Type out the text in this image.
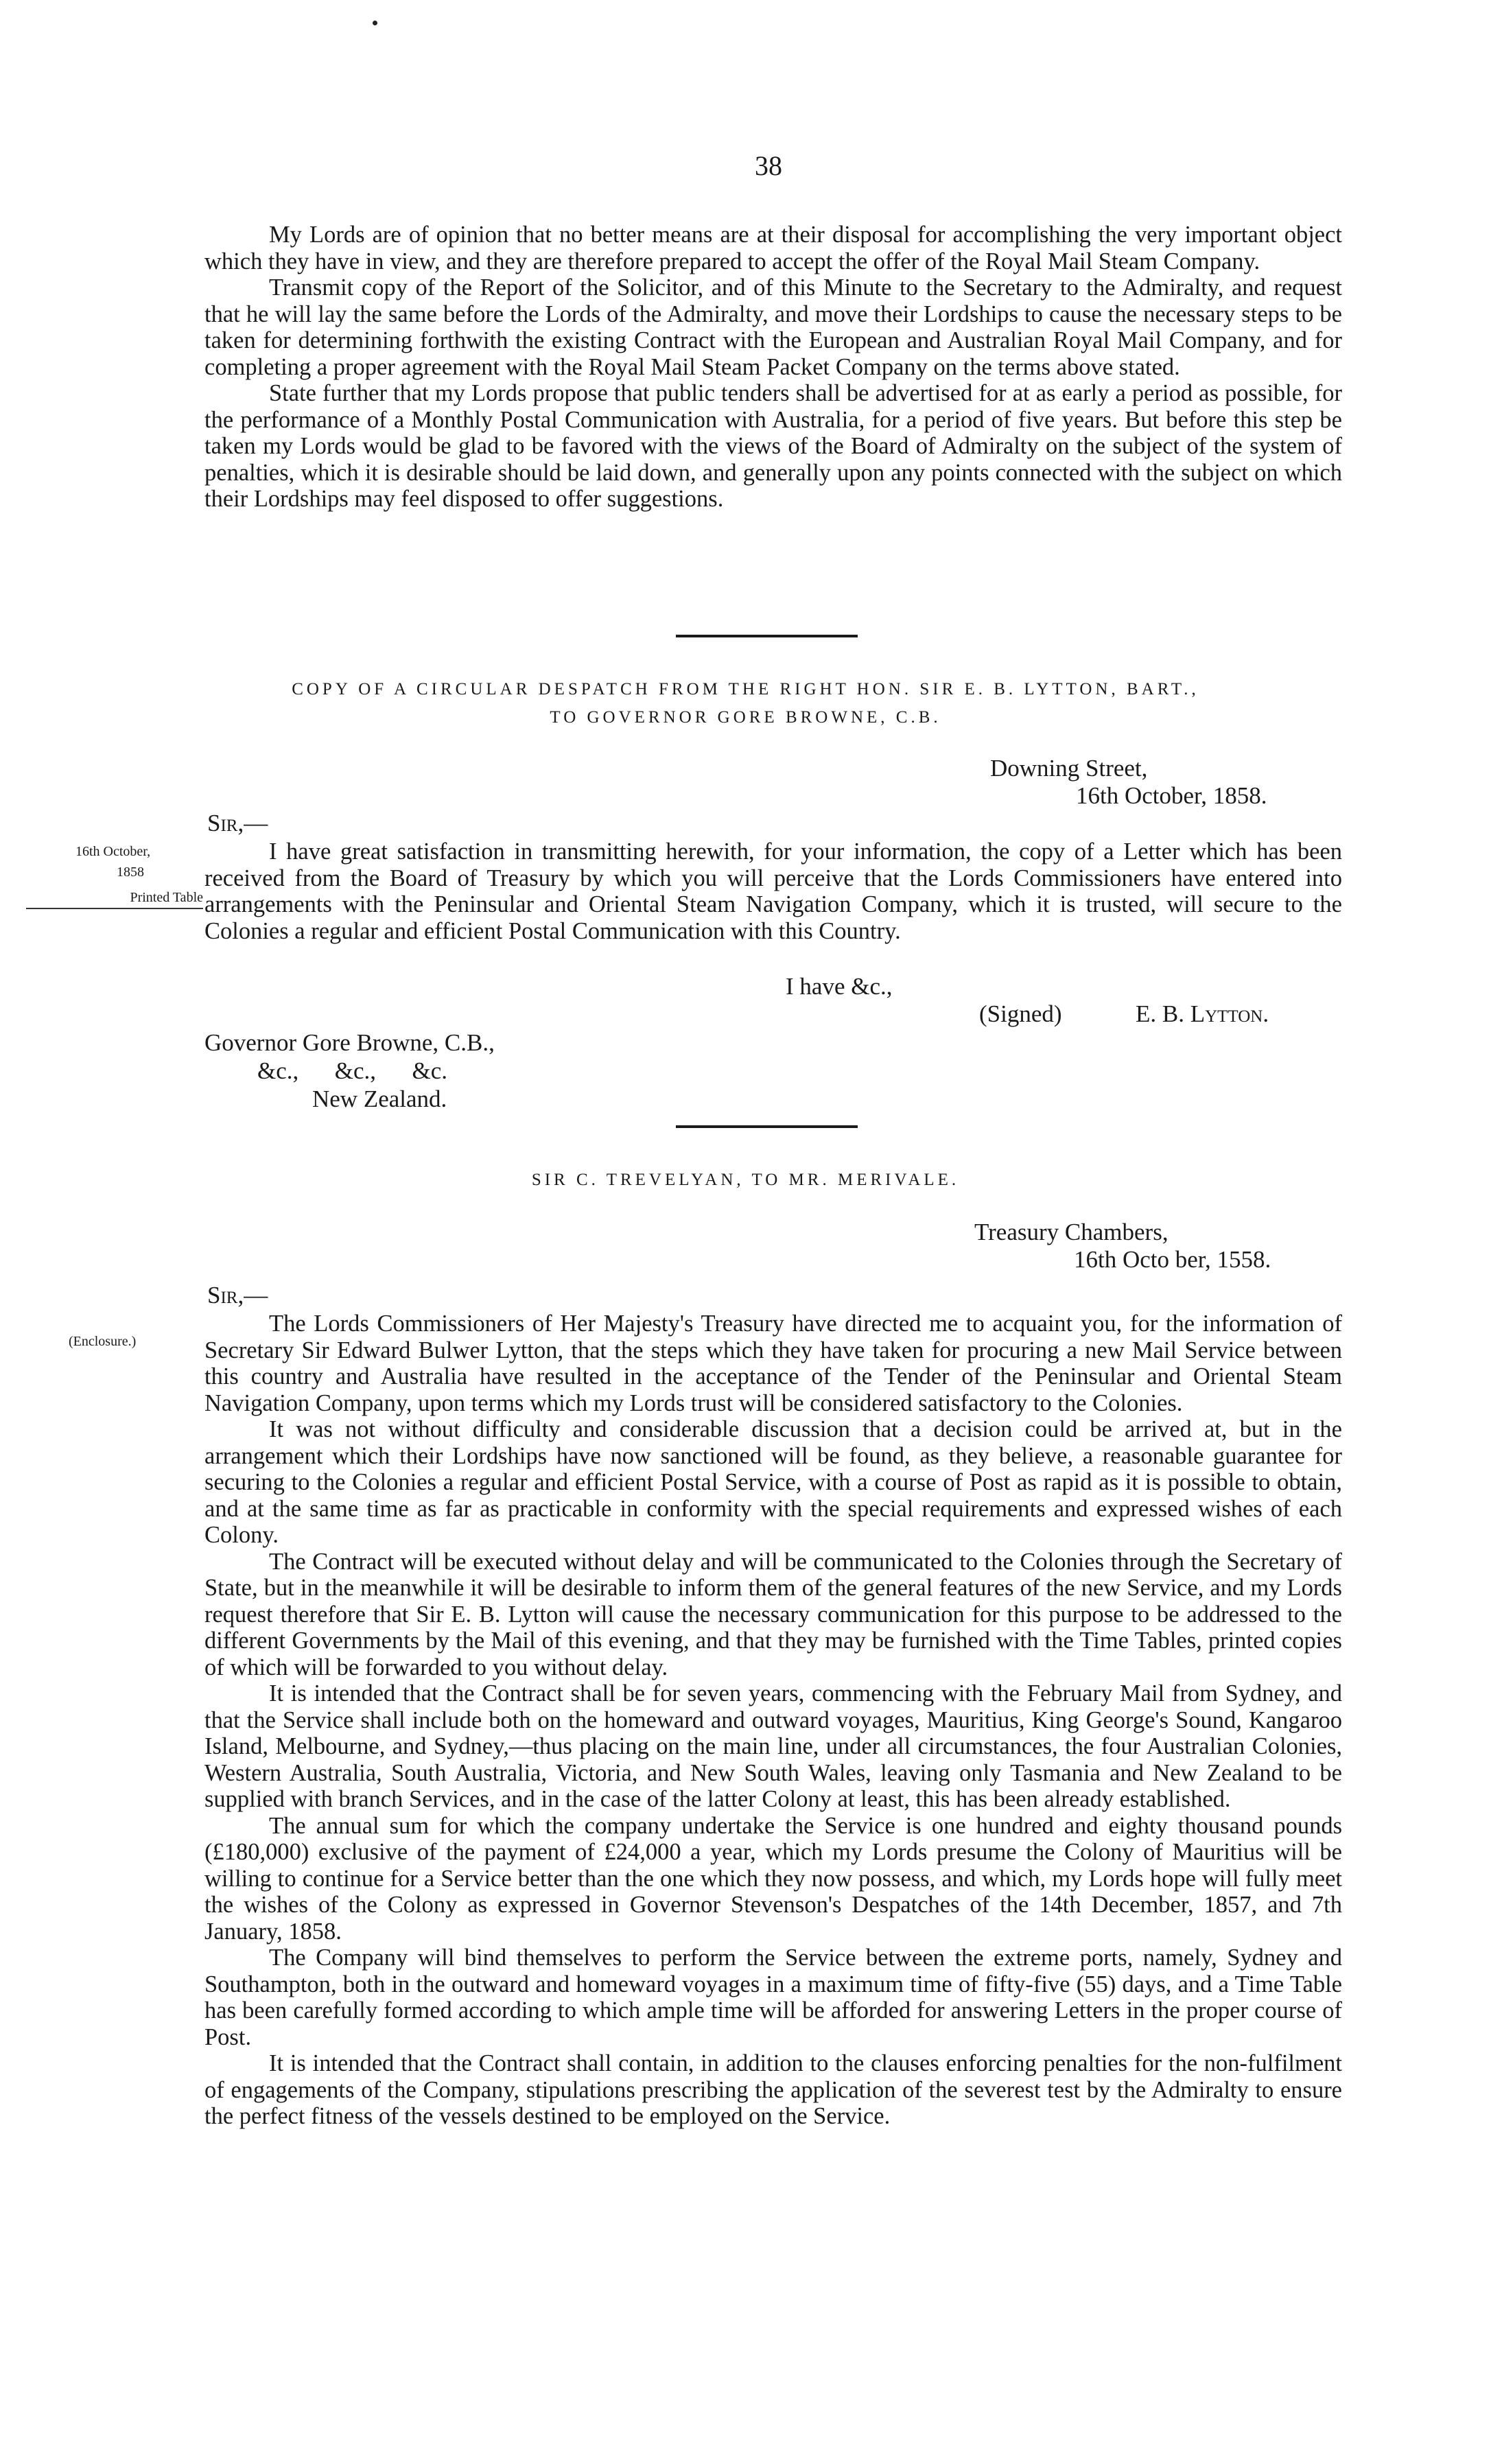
38

My Lords are of opinion that no better means are at their disposal for accomplishing the very important object which they have in view, and they are therefore prepared to accept the offer of the Royal Mail Steam Company.

Transmit copy of the Report of the Solicitor, and of this Minute to the Secretary to the Admiralty, and request that he will lay the same before the Lords of the Admiralty, and move their Lordships to cause the necessary steps to be taken for determining forthwith the existing Contract with the European and Australian Royal Mail Company, and for completing a proper agreement with the Royal Mail Steam Packet Company on the terms above stated.

State further that my Lords propose that public tenders shall be advertised for at as early a period as possible, for the performance of a Monthly Postal Communication with Australia, for a period of five years. But before this step be taken my Lords would be glad to be favored with the views of the Board of Admiralty on the subject of the system of penalties, which it is desirable should be laid down, and generally upon any points connected with the subject on which their Lordships may feel disposed to offer suggestions.

COPY OF A CIRCULAR DESPATCH FROM THE RIGHT HON. SIR E. B. LYTTON, BART.,
TO GOVERNOR GORE BROWNE, C.B.
Downing Street,
16th October, 1858.
Sir,—
16th October,
1858
Printed Table

I have great satisfaction in transmitting herewith, for your information, the copy of a Letter which has been received from the Board of Treasury by which you will perceive that the Lords Commissioners have entered into arrangements with the Peninsular and Oriental Steam Navigation Company, which it is trusted, will secure to the Colonies a regular and efficient Postal Communication with this Country.

I have &c.,
(Signed)	E. B. Lytton.
Governor Gore Browne, C.B.,
&c.,      &c.,      &c.
New Zealand.
SIR C. TREVELYAN, TO MR. MERIVALE.
Treasury Chambers,
16th Octo ber, 1558.
Sir,—
(Enclosure.)

The Lords Commissioners of Her Majesty's Treasury have directed me to acquaint you, for the information of Secretary Sir Edward Bulwer Lytton, that the steps which they have taken for procuring a new Mail Service between this country and Australia have resulted in the acceptance of the Tender of the Peninsular and Oriental Steam Navigation Company, upon terms which my Lords trust will be considered satisfactory to the Colonies.

It was not without difficulty and considerable discussion that a decision could be arrived at, but in the arrangement which their Lordships have now sanctioned will be found, as they believe, a reasonable guarantee for securing to the Colonies a regular and efficient Postal Service, with a course of Post as rapid as it is possible to obtain, and at the same time as far as practicable in conformity with the special requirements and expressed wishes of each Colony.

The Contract will be executed without delay and will be communicated to the Colonies through the Secretary of State, but in the meanwhile it will be desirable to inform them of the general features of the new Service, and my Lords request therefore that Sir E. B. Lytton will cause the necessary communication for this purpose to be addressed to the different Governments by the Mail of this evening, and that they may be furnished with the Time Tables, printed copies of which will be forwarded to you without delay.

It is intended that the Contract shall be for seven years, commencing with the February Mail from Sydney, and that the Service shall include both on the homeward and outward voyages, Mauritius, King George's Sound, Kangaroo Island, Melbourne, and Sydney,—thus placing on the main line, under all circumstances, the four Australian Colonies, Western Australia, South Australia, Victoria, and New South Wales, leaving only Tasmania and New Zealand to be supplied with branch Services, and in the case of the latter Colony at least, this has been already established.

The annual sum for which the company undertake the Service is one hundred and eighty thousand pounds (£180,000) exclusive of the payment of £24,000 a year, which my Lords presume the Colony of Mauritius will be willing to continue for a Service better than the one which they now possess, and which, my Lords hope will fully meet the wishes of the Colony as expressed in Governor Stevenson's Despatches of the 14th December, 1857, and 7th January, 1858.

The Company will bind themselves to perform the Service between the extreme ports, namely, Sydney and Southampton, both in the outward and homeward voyages in a maximum time of fifty-five (55) days, and a Time Table has been carefully formed according to which ample time will be afforded for answering Letters in the proper course of Post.

It is intended that the Contract shall contain, in addition to the clauses enforcing penalties for the non-fulfilment of engagements of the Company, stipulations prescribing the application of the severest test by the Admiralty to ensure the perfect fitness of the vessels destined to be employed on the Service.
